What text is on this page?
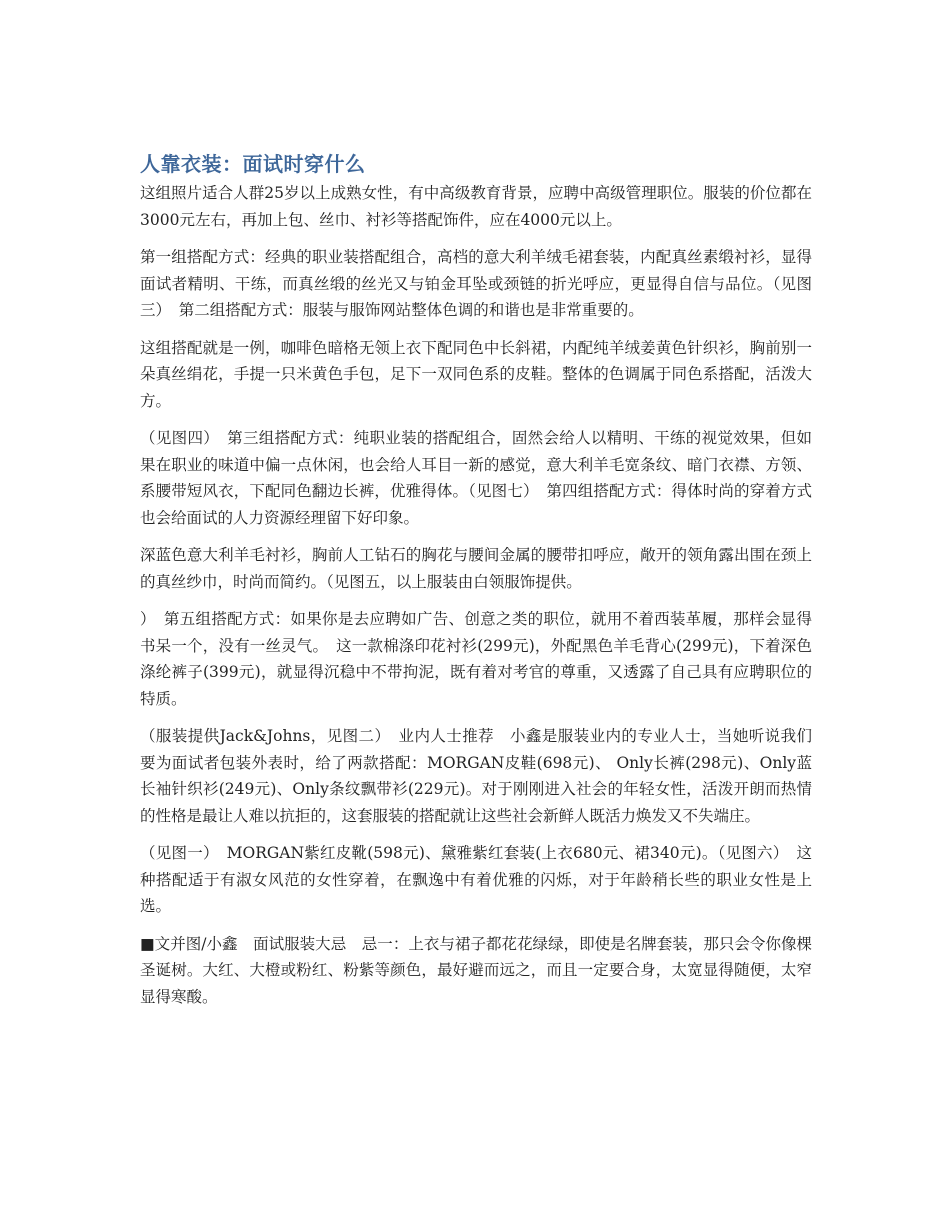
人靠衣装：面试时穿什么

这组照片适合人群25岁以上成熟女性，有中高级教育背景，应聘中高级管理职位。服装的价位都在3000元左右，再加上包、丝巾、衬衫等搭配饰件，应在4000元以上。

第一组搭配方式：经典的职业装搭配组合，高档的意大利羊绒毛裙套装，内配真丝素缎衬衫，显得面试者精明、干练，而真丝缎的丝光又与铂金耳坠或颈链的折光呼应，更显得自信与品位。（见图三）　第二组搭配方式：服装与服饰网站整体色调的和谐也是非常重要的。

这组搭配就是一例，咖啡色暗格无领上衣下配同色中长斜裙，内配纯羊绒姜黄色针织衫，胸前别一朵真丝绢花，手提一只米黄色手包，足下一双同色系的皮鞋。整体的色调属于同色系搭配，活泼大方。

（见图四）　第三组搭配方式：纯职业装的搭配组合，固然会给人以精明、干练的视觉效果，但如果在职业的味道中偏一点休闲，也会给人耳目一新的感觉，意大利羊毛宽条纹、暗门衣襟、方领、系腰带短风衣，下配同色翻边长裤，优雅得体。（见图七）　第四组搭配方式：得体时尚的穿着方式也会给面试的人力资源经理留下好印象。

深蓝色意大利羊毛衬衫，胸前人工钻石的胸花与腰间金属的腰带扣呼应，敞开的领角露出围在颈上的真丝纱巾，时尚而简约。（见图五，以上服装由白领服饰提供。

）　第五组搭配方式：如果你是去应聘如广告、创意之类的职位，就用不着西装革履，那样会显得书呆一个，没有一丝灵气。　这一款棉涤印花衬衫(299元)，外配黑色羊毛背心(299元)，下着深色涤纶裤子(399元)，就显得沉稳中不带拘泥，既有着对考官的尊重，又透露了自己具有应聘职位的特质。

（服装提供Jack&Johns，见图二）　业内人士推荐　小鑫是服装业内的专业人士，当她听说我们要为面试者包装外表时，给了两款搭配：MORGAN皮鞋(698元)、 Only长裤(298元)、Only蓝长袖针织衫(249元)、Only条纹飘带衫(229元)。对于刚刚进入社会的年轻女性，活泼开朗而热情的性格是最让人难以抗拒的，这套服装的搭配就让这些社会新鲜人既活力焕发又不失端庄。

（见图一）　MORGAN紫红皮靴(598元)、黛雅紫红套装(上衣680元、裙340元)。（见图六）　这种搭配适于有淑女风范的女性穿着，在飘逸中有着优雅的闪烁，对于年龄稍长些的职业女性是上选。

■文并图/小鑫　面试服装大忌　忌一：上衣与裙子都花花绿绿，即使是名牌套装，那只会令你像棵圣诞树。大红、大橙或粉红、粉紫等颜色，最好避而远之，而且一定要合身，太宽显得随便，太窄显得寒酸。
